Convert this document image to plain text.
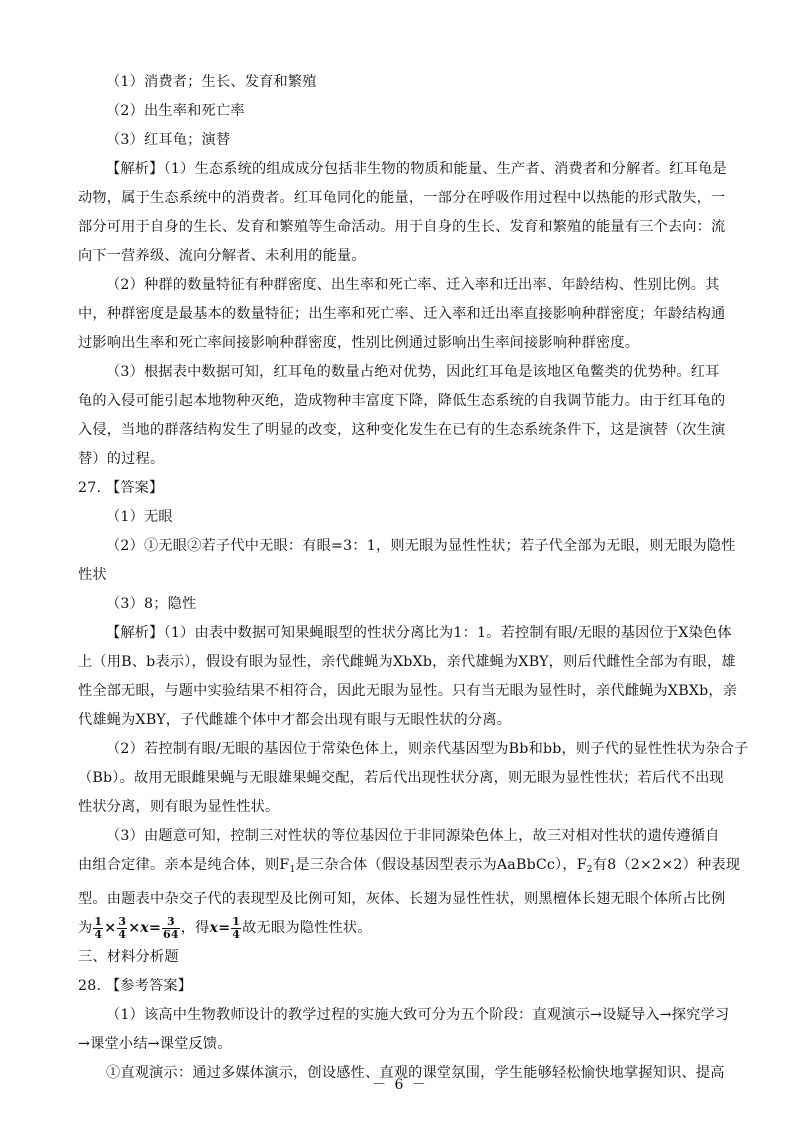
（1）消费者；生长、发育和繁殖

（2）出生率和死亡率

（3）红耳龟；演替

【解析】（1）生态系统的组成成分包括非生物的物质和能量、生产者、消费者和分解者。红耳龟是

动物，属于生态系统中的消费者。红耳龟同化的能量，一部分在呼吸作用过程中以热能的形式散失，一

部分可用于自身的生长、发育和繁殖等生命活动。用于自身的生长、发育和繁殖的能量有三个去向：流

向下一营养级、流向分解者、未利用的能量。

（2）种群的数量特征有种群密度、出生率和死亡率、迁入率和迁出率、年龄结构、性别比例。其

中，种群密度是最基本的数量特征；出生率和死亡率、迁入率和迁出率直接影响种群密度；年龄结构通

过影响出生率和死亡率间接影响种群密度，性别比例通过影响出生率间接影响种群密度。

（3）根据表中数据可知，红耳龟的数量占绝对优势，因此红耳龟是该地区龟鳖类的优势种。红耳

龟的入侵可能引起本地物种灭绝，造成物种丰富度下降，降低生态系统的自我调节能力。由于红耳龟的

入侵，当地的群落结构发生了明显的改变，这种变化发生在已有的生态系统条件下，这是演替（次生演

替）的过程。

27. 【答案】

（1）无眼

（2）①无眼②若子代中无眼：有眼=3：1，则无眼为显性性状；若子代全部为无眼，则无眼为隐性

性状

（3）8；隐性

【解析】（1）由表中数据可知果蝇眼型的性状分离比为1：1。若控制有眼/无眼的基因位于X染色体

上（用B、b表示），假设有眼为显性，亲代雌蝇为XbXb，亲代雄蝇为XBY，则后代雌性全部为有眼，雄

性全部无眼，与题中实验结果不相符合，因此无眼为显性。只有当无眼为显性时，亲代雌蝇为XBXb，亲

代雄蝇为XBY，子代雌雄个体中才都会出现有眼与无眼性状的分离。

（2）若控制有眼/无眼的基因位于常染色体上，则亲代基因型为Bb和bb，则子代的显性性状为杂合子

（Bb）。故用无眼雌果蝇与无眼雄果蝇交配，若后代出现性状分离，则无眼为显性性状；若后代不出现

性状分离，则有眼为显性性状。

（3）由题意可知，控制三对性状的等位基因位于非同源染色体上，故三对相对性状的遗传遵循自

由组合定律。亲本是纯合体，则$F_1$是三杂合体（假设基因型表示为AaBbCc），$F_2$有8（2×2×2）种表现

型。由题表中杂交子代的表现型及比例可知，灰体、长翅为显性性状，则黑檀体长翅无眼个体所占比例

为 $\frac{1}{4} \times \frac{3}{4} \times x= \frac{3}{64}$ ，得$x= \frac{1}{4}$ 故无眼为隐性性状。

三、材料分析题

28. 【参考答案】

（1）该高中生物教师设计的教学过程的实施大致可分为五个阶段：直观演示→设疑导入→探究学习

→课堂小结→课堂反馈。

①直观演示：通过多媒体演示，创设感性、直观的课堂氛围，学生能够轻松愉快地掌握知识、提高

－ 6 －
